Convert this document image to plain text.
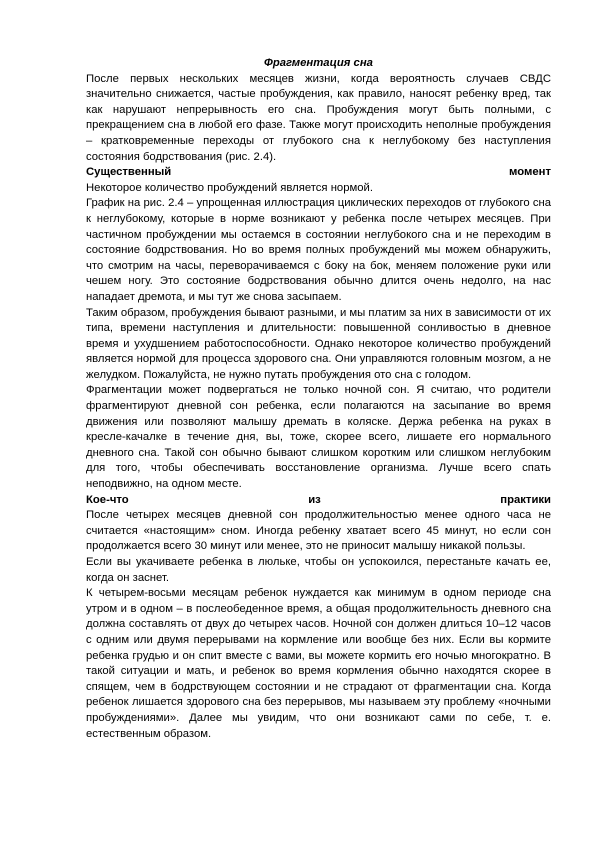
Фрагментация сна

После первых нескольких месяцев жизни, когда вероятность случаев СВДС значительно снижается, частые пробуждения, как правило, наносят ребенку вред, так как нарушают непрерывность его сна. Пробуждения могут быть полными, с прекращением сна в любой его фазе. Также могут происходить неполные пробуждения – кратковременные переходы от глубокого сна к неглубокому без наступления состояния бодрствования (рис. 2.4).

Существенный момент

Некоторое количество пробуждений является нормой.

График на рис. 2.4 – упрощенная иллюстрация циклических переходов от глубокого сна к неглубокому, которые в норме возникают у ребенка после четырех месяцев. При частичном пробуждении мы остаемся в состоянии неглубокого сна и не переходим в состояние бодрствования. Но во время полных пробуждений мы можем обнаружить, что смотрим на часы, переворачиваемся с боку на бок, меняем положение руки или чешем ногу. Это состояние бодрствования обычно длится очень недолго, на нас нападает дремота, и мы тут же снова засыпаем.

Таким образом, пробуждения бывают разными, и мы платим за них в зависимости от их типа, времени наступления и длительности: повышенной сонливостью в дневное время и ухудшением работоспособности. Однако некоторое количество пробуждений является нормой для процесса здорового сна. Они управляются головным мозгом, а не желудком. Пожалуйста, не нужно путать пробуждения ото сна с голодом.

Фрагментации может подвергаться не только ночной сон. Я считаю, что родители фрагментируют дневной сон ребенка, если полагаются на засыпание во время движения или позволяют малышу дремать в коляске. Держа ребенка на руках в кресле-качалке в течение дня, вы, тоже, скорее всего, лишаете его нормального дневного сна. Такой сон обычно бывают слишком коротким или слишком неглубоким для того, чтобы обеспечивать восстановление организма. Лучше всего спать неподвижно, на одном месте.

Кое-что из практики

После четырех месяцев дневной сон продолжительностью менее одного часа не считается «настоящим» сном. Иногда ребенку хватает всего 45 минут, но если сон продолжается всего 30 минут или менее, это не приносит малышу никакой пользы.

Если вы укачиваете ребенка в люльке, чтобы он успокоился, перестаньте качать ее, когда он заснет.

К четырем-восьми месяцам ребенок нуждается как минимум в одном периоде сна утром и в одном – в послеобеденное время, а общая продолжительность дневного сна должна составлять от двух до четырех часов. Ночной сон должен длиться 10–12 часов с одним или двумя перерывами на кормление или вообще без них. Если вы кормите ребенка грудью и он спит вместе с вами, вы можете кормить его ночью многократно. В такой ситуации и мать, и ребенок во время кормления обычно находятся скорее в спящем, чем в бодрствующем состоянии и не страдают от фрагментации сна. Когда ребенок лишается здорового сна без перерывов, мы называем эту проблему «ночными пробуждениями». Далее мы увидим, что они возникают сами по себе, т. е. естественным образом.
